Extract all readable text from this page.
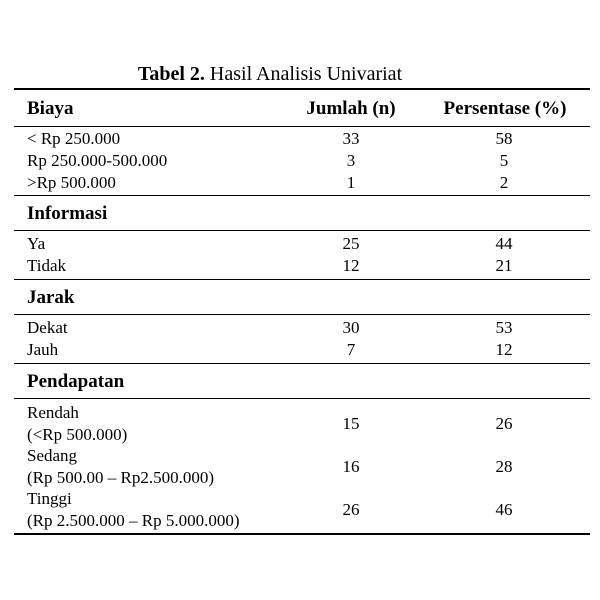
Tabel 2. Hasil Analisis Univariat
Biaya	Jumlah (n)	Persentase (%)
< Rp 250.000	33	58
Rp 250.000-500.000	3	5
>Rp 500.000	1	2
Informasi
Ya	25	44
Tidak	12	21
Jarak
Dekat	30	53
Jauh	7	12
Pendapatan
Rendah
(<Rp 500.000)
15	26
Sedang
(Rp 500.00 – Rp2.500.000)
16	28
Tinggi
(Rp 2.500.000 – Rp 5.000.000)
26	46
